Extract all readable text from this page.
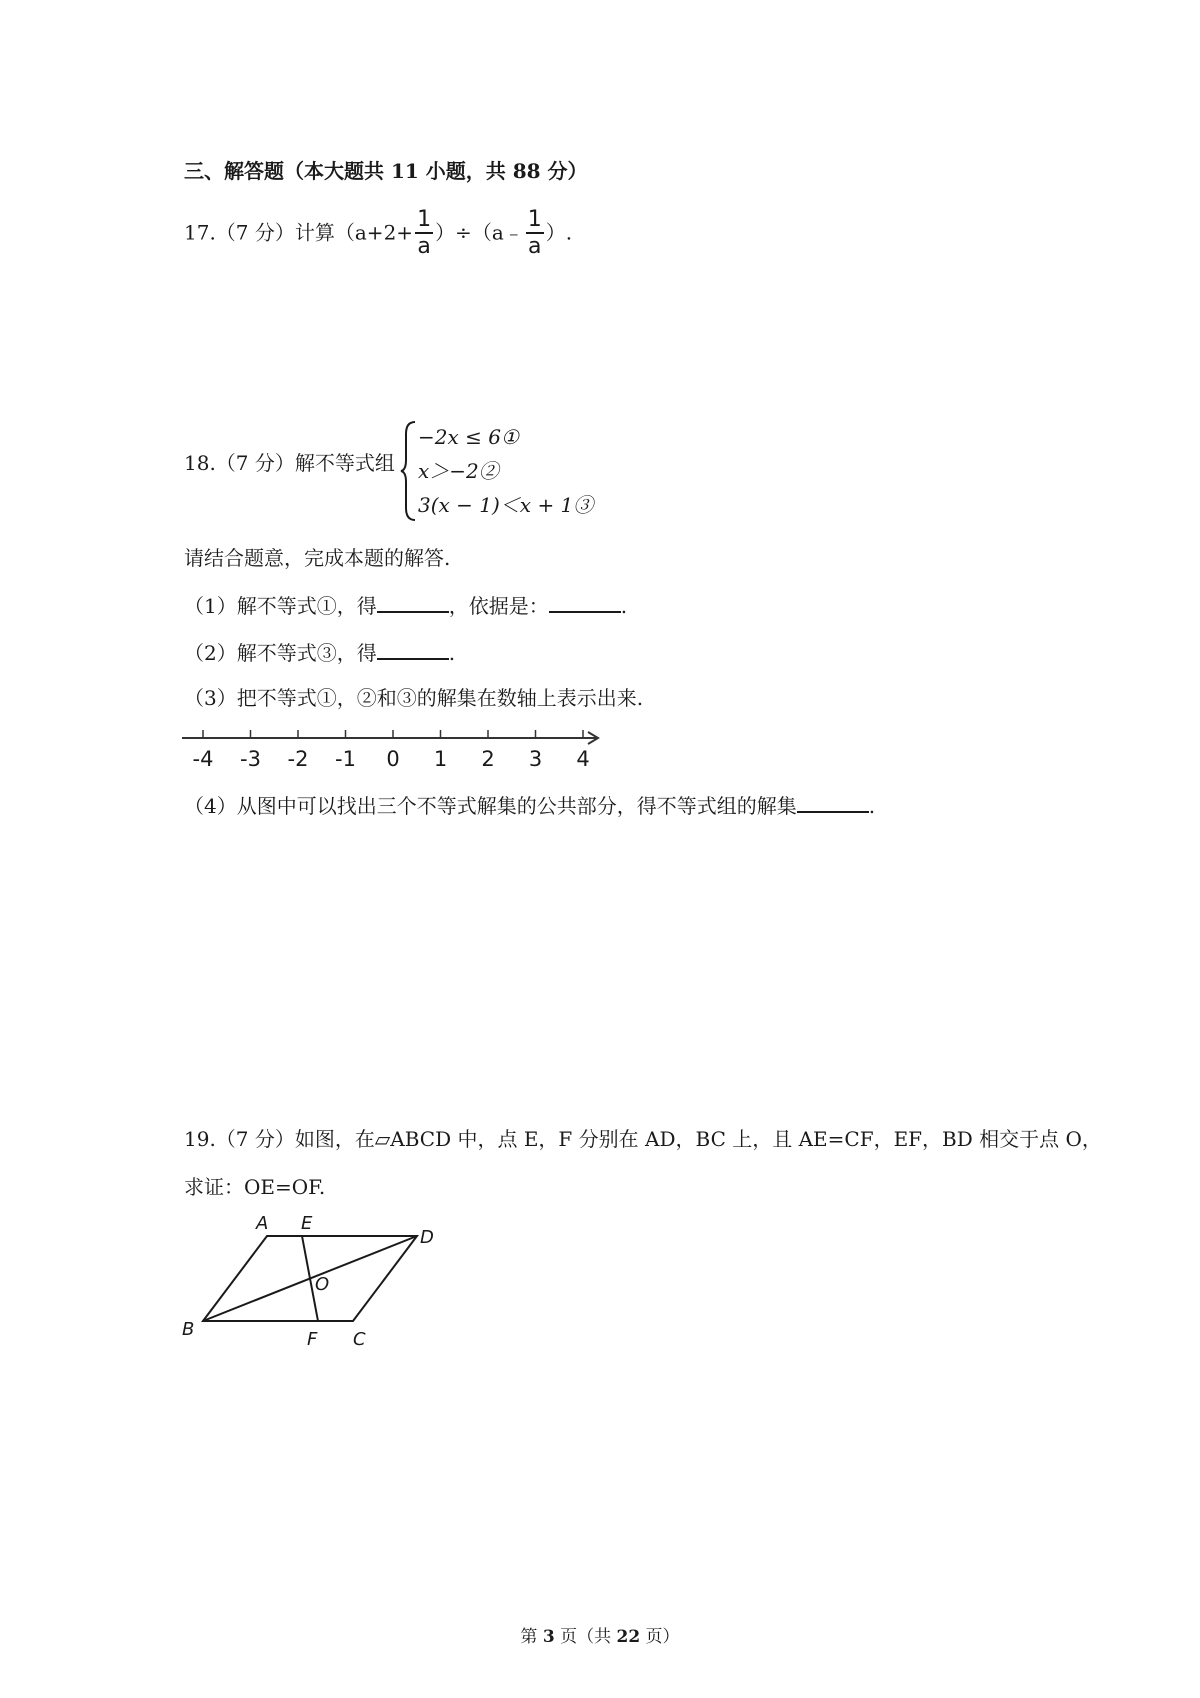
三、解答题（本大题共 11 小题，共 88 分）
17.（7 分）计算（$a+2+ \frac{1}{a}$ ）÷（a﹣ $\frac{1}{a}$ ）.
18.（7 分）解不等式组
−2x ≤ 6①
x＞−2②
3(x − 1)＜x + 1③
请结合题意，完成本题的解答.
（1）解不等式①，得	，依据是：	.
（2）解不等式③，得	.
（3）把不等式①，②和③的解集在数轴上表示出来.
-4 -3 -2 -1 0 1 2 3 4
（4）从图中可以找出三个不等式解集的公共部分，得不等式组的解集	.
19.（7 分）如图，在▱ABCD 中，点 E，F 分别在 AD，BC 上，且 AE=CF，EF，BD 相交于点 O，
求证：OE=OF.
A E
D
O
B	F C
第 3 页（共 22 页）
